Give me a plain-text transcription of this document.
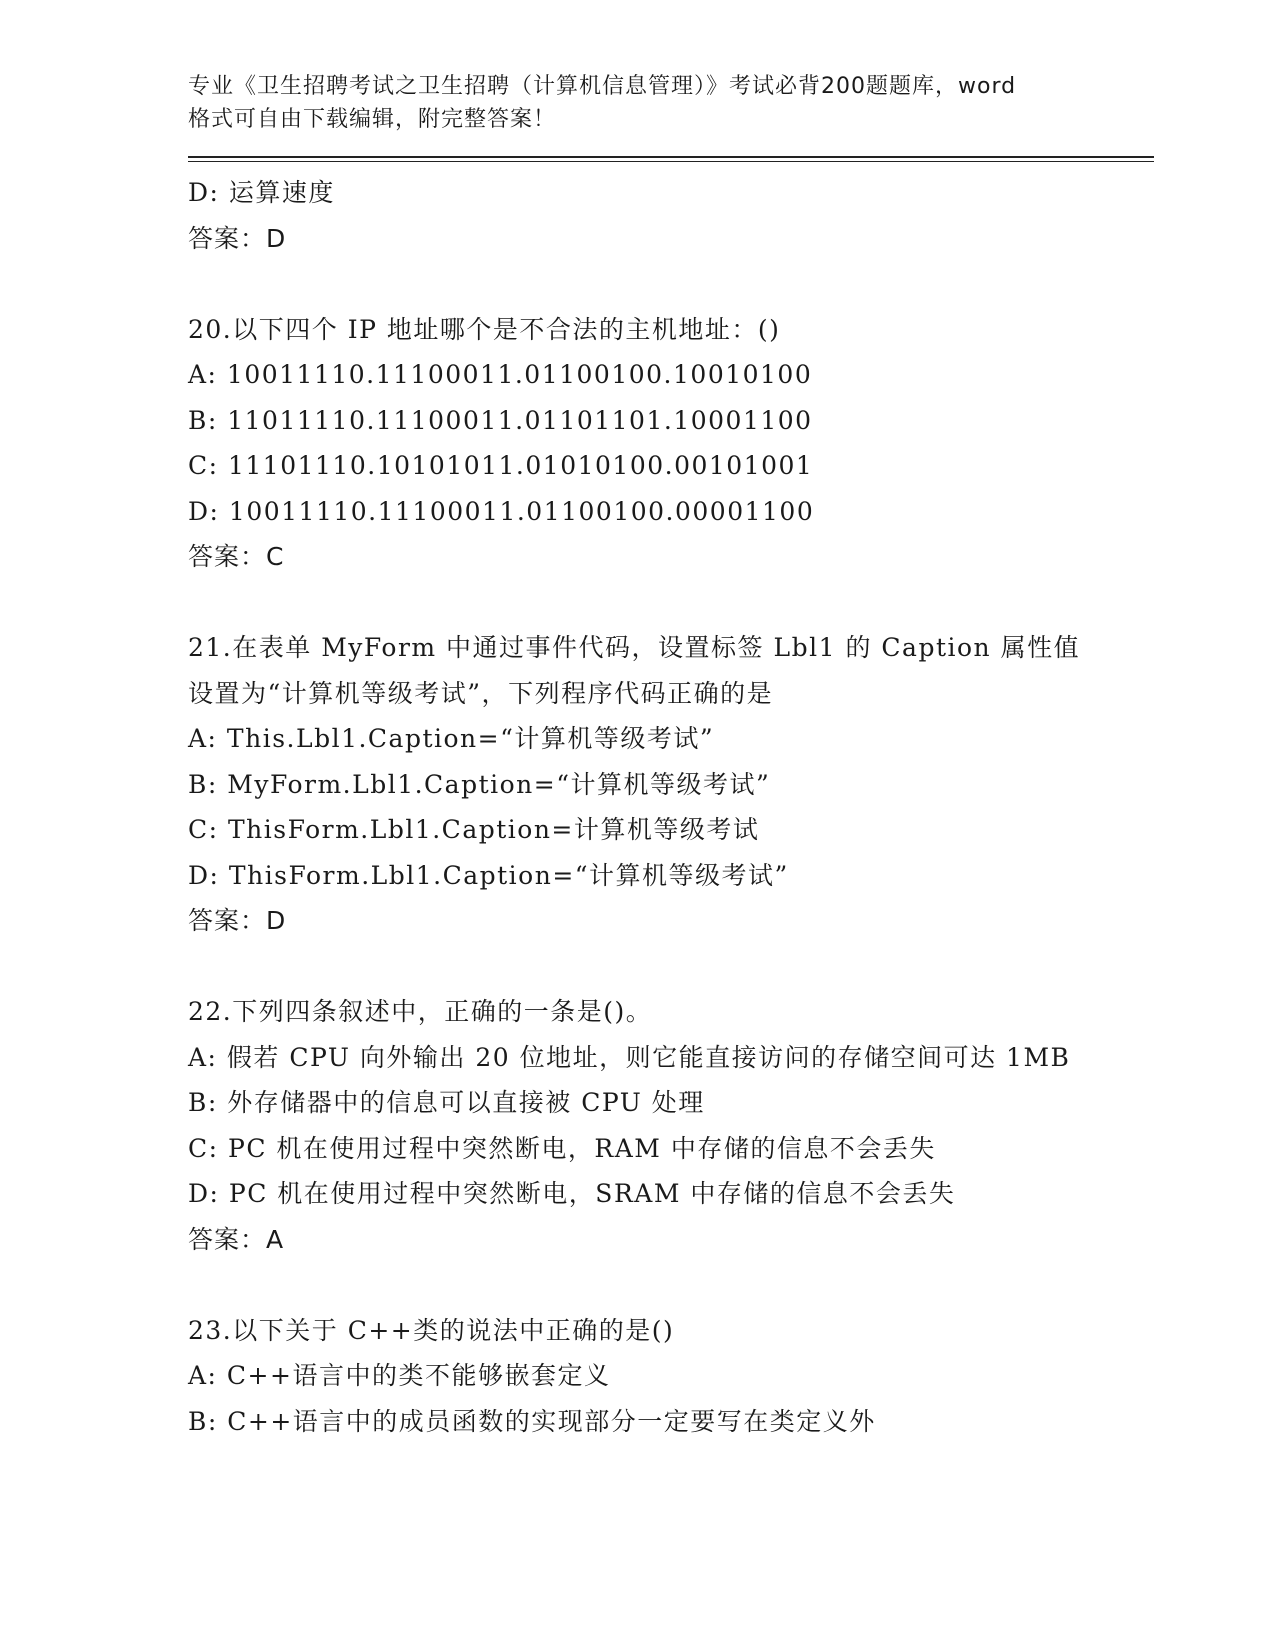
专业《卫生招聘考试之卫生招聘（计算机信息管理）》考试必背200题题库，word
格式可自由下载编辑，附完整答案！
D: 运算速度
答案：D
20.以下四个 IP 地址哪个是不合法的主机地址：()
A: 10011110.11100011.01100100.10010100
B: 11011110.11100011.01101101.10001100
C: 11101110.10101011.01010100.00101001
D: 10011110.11100011.01100100.00001100
答案：C
21.在表单 MyForm 中通过事件代码，设置标签 Lbl1 的 Caption 属性值
设置为“计算机等级考试”，下列程序代码正确的是
A: This.Lbl1.Caption=“计算机等级考试”
B: MyForm.Lbl1.Caption=“计算机等级考试”
C: ThisForm.Lbl1.Caption=计算机等级考试
D: ThisForm.Lbl1.Caption=“计算机等级考试”
答案：D
22.下列四条叙述中，正确的一条是()。
A: 假若 CPU 向外输出 20 位地址，则它能直接访问的存储空间可达 1MB
B: 外存储器中的信息可以直接被 CPU 处理
C: PC 机在使用过程中突然断电，RAM 中存储的信息不会丢失
D: PC 机在使用过程中突然断电，SRAM 中存储的信息不会丢失
答案：A
23.以下关于 C++类的说法中正确的是()
A: C++语言中的类不能够嵌套定义
B: C++语言中的成员函数的实现部分一定要写在类定义外
